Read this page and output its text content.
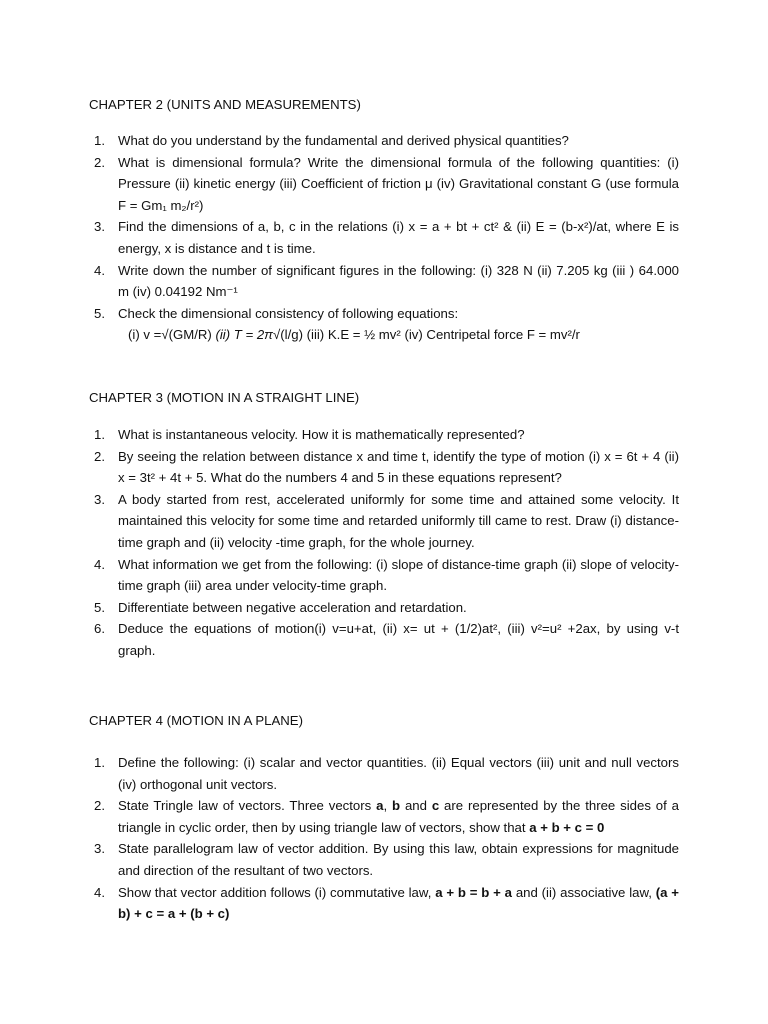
CHAPTER 2 (UNITS AND MEASUREMENTS)
1. What do you understand by the fundamental and derived physical quantities?
2. What is dimensional formula? Write the dimensional formula of the following quantities: (i) Pressure (ii) kinetic energy (iii) Coefficient of friction μ (iv) Gravitational constant G (use formula F = Gm₁ m₂/r²)
3. Find the dimensions of a, b, c in the relations (i) x = a + bt + ct² & (ii) E = (b-x²)/at, where E is energy, x is distance and t is time.
4. Write down the number of significant figures in the following: (i) 328 N (ii) 7.205 kg (iii ) 64.000 m (iv) 0.04192 Nm⁻¹
5. Check the dimensional consistency of following equations:
(i) v =√(GM/R) (ii) T = 2π√(l/g) (iii) K.E = ½ mv² (iv) Centripetal force F = mv²/r
CHAPTER 3 (MOTION IN A STRAIGHT LINE)
1. What is instantaneous velocity. How it is mathematically represented?
2. By seeing the relation between distance x and time t, identify the type of motion (i) x = 6t + 4 (ii) x = 3t² + 4t + 5. What do the numbers 4 and 5 in these equations represent?
3. A body started from rest, accelerated uniformly for some time and attained some velocity. It maintained this velocity for some time and retarded uniformly till came to rest. Draw (i) distance-time graph and (ii) velocity -time graph, for the whole journey.
4. What information we get from the following: (i) slope of distance-time graph (ii) slope of velocity-time graph (iii) area under velocity-time graph.
5. Differentiate between negative acceleration and retardation.
6. Deduce the equations of motion(i) v=u+at, (ii) x= ut + (1/2)at², (iii) v²=u² +2ax, by using v-t graph.
CHAPTER 4 (MOTION IN A PLANE)
1. Define the following: (i) scalar and vector quantities. (ii) Equal vectors (iii) unit and null vectors (iv) orthogonal unit vectors.
2. State Tringle law of vectors. Three vectors a, b and c are represented by the three sides of a triangle in cyclic order, then by using triangle law of vectors, show that a + b + c = 0
3. State parallelogram law of vector addition. By using this law, obtain expressions for magnitude and direction of the resultant of two vectors.
4. Show that vector addition follows (i) commutative law, a + b = b + a and (ii) associative law, (a + b) + c = a + (b + c)
